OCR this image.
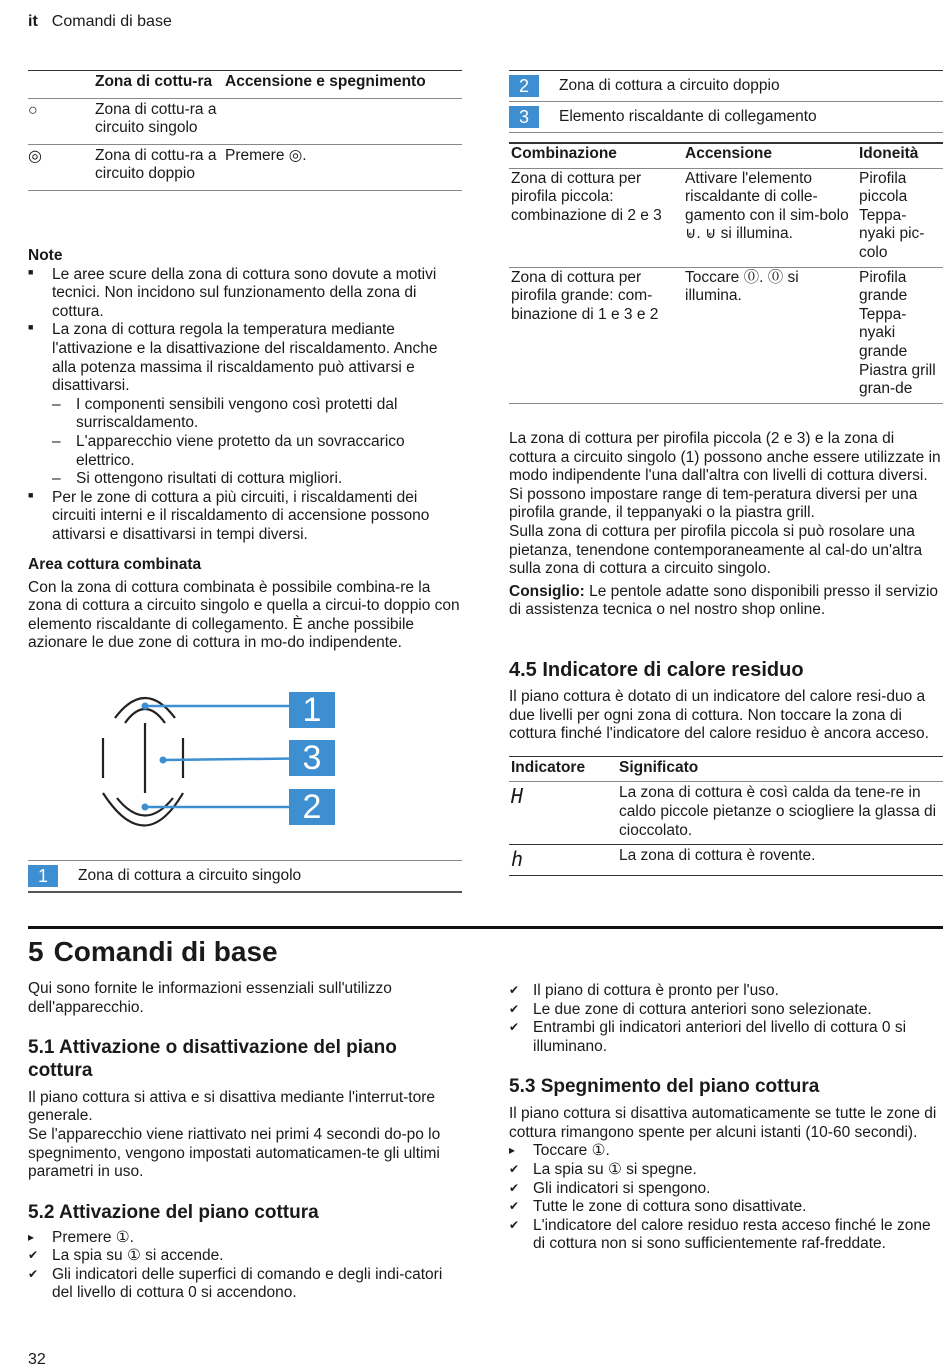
it Comandi di base
	Zona di cottu-ra	Accensione e spegnimento
○	Zona di cottu-ra a circuito singolo	
◎	Zona di cottu-ra a circuito doppio	Premere ◎.
Note
■ Le aree scure della zona di cottura sono dovute a motivi tecnici. Non incidono sul funzionamento della zona di cottura.
■ La zona di cottura regola la temperatura mediante l'attivazione e la disattivazione del riscaldamento. Anche alla potenza massima il riscaldamento può attivarsi e disattivarsi.
– I componenti sensibili vengono così protetti dal surriscaldamento.
– L'apparecchio viene protetto da un sovraccarico elettrico.
– Si ottengono risultati di cottura migliori.
■ Per le zone di cottura a più circuiti, i riscaldamenti dei circuiti interni e il riscaldamento di accensione possono attivarsi e disattivarsi in tempi diversi.
Area cottura combinata

Con la zona di cottura combinata è possibile combina-re la zona di cottura a circuito singolo e quella a circui-to doppio con elemento riscaldante di collegamento. È anche possibile azionare le due zone di cottura in mo-do indipendente.

1
3
2
1	Zona di cottura a circuito singolo
2	Zona di cottura a circuito doppio
3	Elemento riscaldante di collegamento
Combinazione	Accensione	Idoneità
Zona di cottura per pirofila piccola: combinazione di 2 e 3	Attivare l'elemento riscaldante di colle-gamento con il sim-bolo ⊌. ⊌ si illumina.	Pirofila piccola Teppa-nyaki pic-colo
Zona di cottura per pirofila grande: com-binazione di 1 e 3 e 2	Toccare ⓪. ⓪ si illumina.	Pirofila grande Teppa-nyaki grande Piastra grill gran-de

La zona di cottura per pirofila piccola (2 e 3) e la zona di cottura a circuito singolo (1) possono anche essere utilizzate in modo indipendente l'una dall'altra con livelli di cottura diversi. Si possono impostare range di tem-peratura diversi per una pirofila grande, il teppanyaki o la piastra grill.

Sulla zona di cottura per pirofila piccola si può rosolare una pietanza, tenendone contemporaneamente al cal-do un'altra sulla zona di cottura a circuito singolo.

Consiglio: Le pentole adatte sono disponibili presso il servizio di assistenza tecnica o nel nostro shop online.

4.5 Indicatore di calore residuo

Il piano cottura è dotato di un indicatore del calore resi-duo a due livelli per ogni zona di cottura. Non toccare la zona di cottura finché l'indicatore del calore residuo è ancora acceso.

Indicatore	Significato
H	La zona di cottura è così calda da tene-re in caldo piccole pietanze o sciogliere la glassa di cioccolato.
h	La zona di cottura è rovente.
5 Comandi di base

Qui sono fornite le informazioni essenziali sull'utilizzo dell'apparecchio.

5.1 Attivazione o disattivazione del piano cottura

Il piano cottura si attiva e si disattiva mediante l'interrut-tore generale.

Se l'apparecchio viene riattivato nei primi 4 secondi do-po lo spegnimento, vengono impostati automaticamen-te gli ultimi parametri in uso.

5.2 Attivazione del piano cottura
▸ Premere ①.
✔ La spia su ① si accende.
✔ Gli indicatori delle superfici di comando e degli indi-catori del livello di cottura 0 si accendono.
✔ Il piano di cottura è pronto per l'uso.
✔ Le due zone di cottura anteriori sono selezionate.
✔ Entrambi gli indicatori anteriori del livello di cottura 0 si illuminano.
5.3 Spegnimento del piano cottura

Il piano cottura si disattiva automaticamente se tutte le zone di cottura rimangono spente per alcuni istanti (10-60 secondi).

▸ Toccare ①.
✔ La spia su ① si spegne.
✔ Gli indicatori si spengono.
✔ Tutte le zone di cottura sono disattivate.
✔ L'indicatore del calore residuo resta acceso finché le zone di cottura non si sono sufficientemente raf-freddate.
32
